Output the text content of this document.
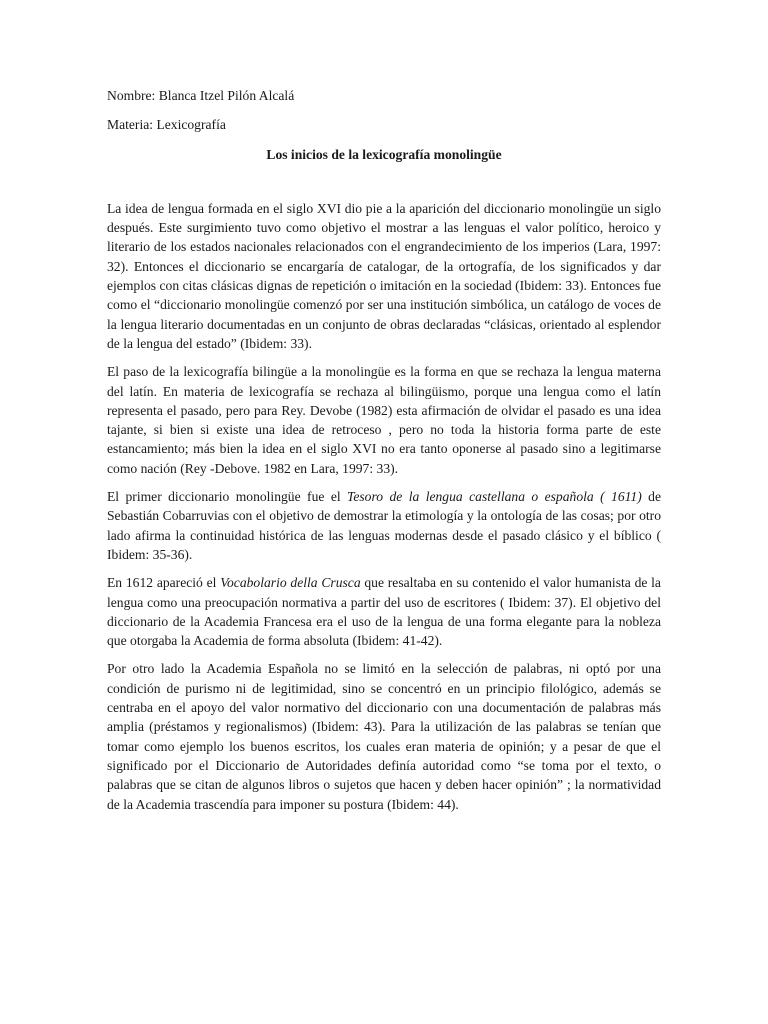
Nombre: Blanca Itzel Pilón Alcalá

Materia: Lexicografía

Los inicios de la lexicografía monolingüe

La idea de lengua formada en el siglo XVI dio pie a la aparición del diccionario monolingüe un siglo después. Este surgimiento tuvo como objetivo el mostrar a las lenguas el valor político, heroico y literario de los estados nacionales relacionados con el engrandecimiento de los imperios (Lara, 1997: 32). Entonces el diccionario se encargaría de catalogar, de la ortografía, de los significados y dar ejemplos con citas clásicas dignas de repetición o imitación en la sociedad (Ibidem: 33). Entonces fue como el “diccionario monolingüe comenzó por ser una institución simbólica, un catálogo de voces de la lengua literario documentadas en un conjunto de obras declaradas “clásicas, orientado al esplendor de la lengua del estado” (Ibidem: 33).

El paso de la lexicografía bilingüe a la monolingüe es la forma en que se rechaza la lengua materna del latín. En materia de lexicografía se rechaza al bilingüismo, porque una lengua como el latín representa el pasado, pero para Rey. Devobe (1982) esta afirmación de olvidar el pasado es una idea tajante, si bien si existe una idea de retroceso , pero no toda la historia forma parte de este estancamiento; más bien la idea en el siglo XVI no era tanto oponerse al pasado sino a legitimarse como nación (Rey -Debove. 1982 en Lara, 1997: 33).

El primer diccionario monolingüe fue el Tesoro de la lengua castellana o española ( 1611) de Sebastián Cobarruvias con el objetivo de demostrar la etimología y la ontología de las cosas; por otro lado afirma la continuidad histórica de las lenguas modernas desde el pasado clásico y el bíblico ( Ibidem: 35-36).

En 1612 apareció el Vocabolario della Crusca que resaltaba en su contenido el valor humanista de la lengua como una preocupación normativa a partir del uso de escritores ( Ibidem: 37). El objetivo del diccionario de la Academia Francesa era el uso de la lengua de una forma elegante para la nobleza que otorgaba la Academia de forma absoluta (Ibidem: 41-42).

Por otro lado la Academia Española no se limitó en la selección de palabras, ni optó por una condición de purismo ni de legitimidad, sino se concentró en un principio filológico, además se centraba en el apoyo del valor normativo del diccionario con una documentación de palabras más amplia (préstamos y regionalismos) (Ibidem: 43). Para la utilización de las palabras se tenían que tomar como ejemplo los buenos escritos, los cuales eran materia de opinión; y a pesar de que el significado por el Diccionario de Autoridades definía autoridad como “se toma por el texto, o palabras que se citan de algunos libros o sujetos que hacen y deben hacer opinión” ; la normatividad de la Academia trascendía para imponer su postura (Ibidem: 44).
